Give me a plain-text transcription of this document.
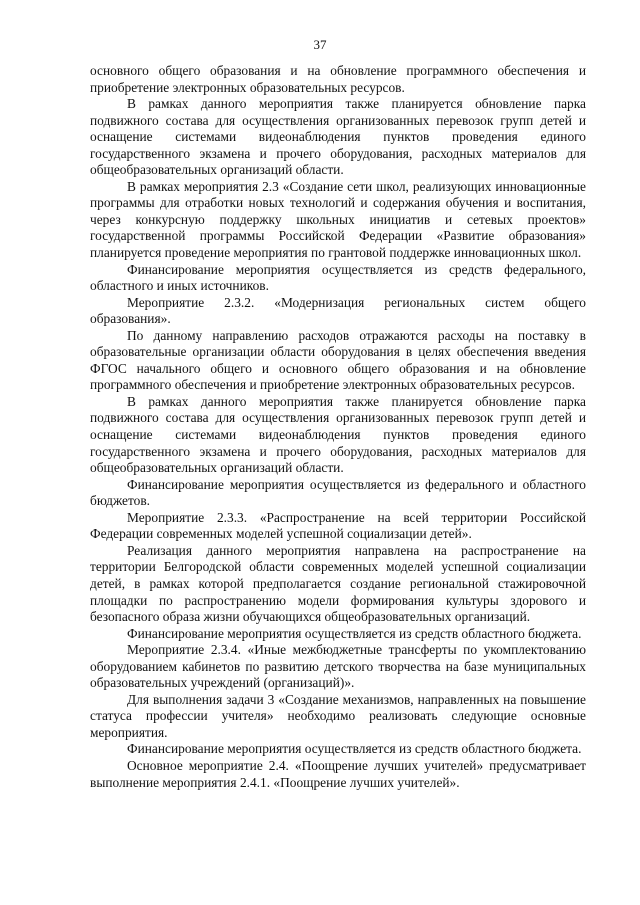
37

основного общего образования и на обновление программного обеспечения и приобретение электронных образовательных ресурсов.

В рамках данного мероприятия также планируется обновление парка подвижного состава для осуществления организованных перевозок групп детей и оснащение системами видеонаблюдения пунктов проведения единого государственного экзамена и прочего оборудования, расходных материалов для общеобразовательных организаций области.

В рамках мероприятия 2.3 «Создание сети школ, реализующих инновационные программы для отработки новых технологий и содержания обучения и воспитания, через конкурсную поддержку школьных инициатив и сетевых проектов» государственной программы Российской Федерации «Развитие образования» планируется проведение мероприятия по грантовой поддержке инновационных школ.

Финансирование мероприятия осуществляется из средств федерального, областного и иных источников.

Мероприятие 2.3.2. «Модернизация региональных систем общего образования».

По данному направлению расходов отражаются расходы на поставку в образовательные организации области оборудования в целях обеспечения введения ФГОС начального общего и основного общего образования и на обновление программного обеспечения и приобретение электронных образовательных ресурсов.

В рамках данного мероприятия также планируется обновление парка подвижного состава для осуществления организованных перевозок групп детей и оснащение системами видеонаблюдения пунктов проведения единого государственного экзамена и прочего оборудования, расходных материалов для общеобразовательных организаций области.

Финансирование мероприятия осуществляется из федерального и областного бюджетов.

Мероприятие 2.3.3. «Распространение на всей территории Российской Федерации современных моделей успешной социализации детей».

Реализация данного мероприятия направлена на распространение на территории Белгородской области современных моделей успешной социализации детей, в рамках которой предполагается создание региональной стажировочной площадки по распространению модели формирования культуры здорового и безопасного образа жизни обучающихся общеобразовательных организаций.

Финансирование мероприятия осуществляется из средств областного бюджета.

Мероприятие 2.3.4. «Иные межбюджетные трансферты по укомплектованию оборудованием кабинетов по развитию детского творчества на базе муниципальных образовательных учреждений (организаций)».

Для выполнения задачи 3 «Создание механизмов, направленных на повышение статуса профессии учителя» необходимо реализовать следующие основные мероприятия.

Финансирование мероприятия осуществляется из средств областного бюджета.

Основное мероприятие 2.4. «Поощрение лучших учителей» предусматривает выполнение мероприятия 2.4.1. «Поощрение лучших учителей».
